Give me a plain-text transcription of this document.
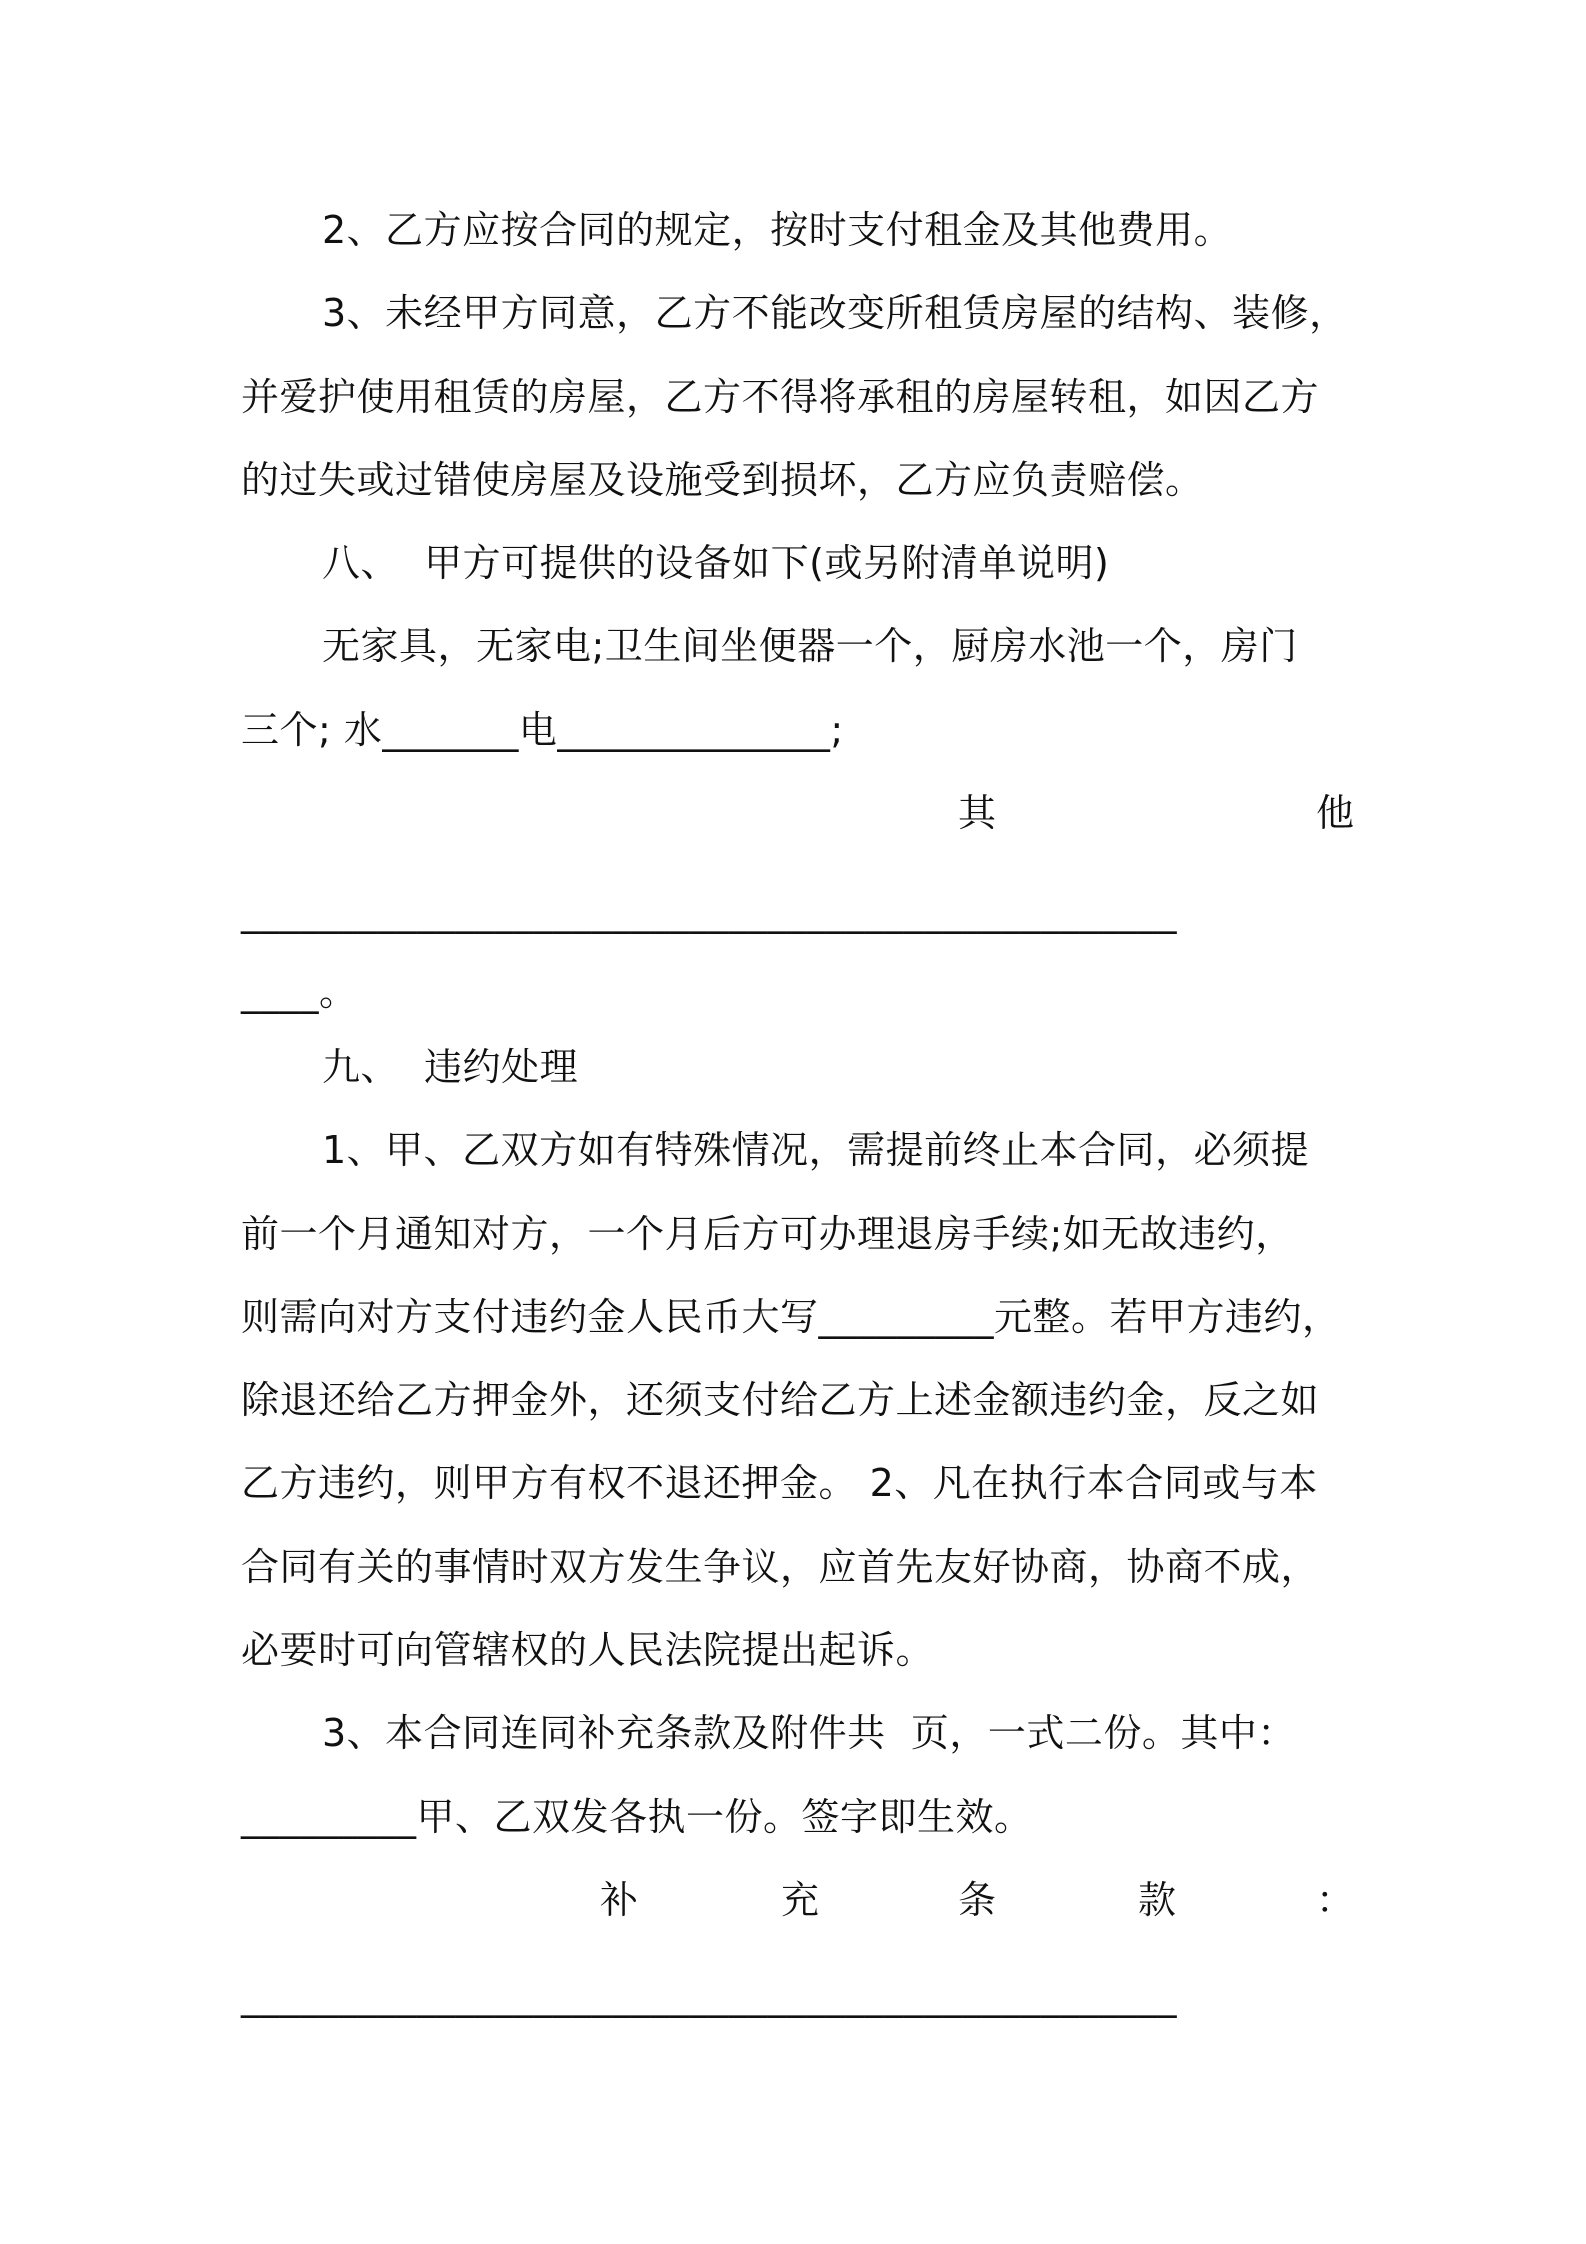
2、乙方应按合同的规定，按时支付租金及其他费用。
3、未经甲方同意，乙方不能改变所租赁房屋的结构、装修，
并爱护使用租赁的房屋，乙方不得将承租的房屋转租，如因乙方
的过失或过错使房屋及设施受到损坏，乙方应负责赔偿。
八、  甲方可提供的设备如下(或另附清单说明)
无家具，无家电;卫生间坐便器一个，厨房水池一个，房门
三个; 水_______电______________;
其	他
________________________________________________
____。
九、  违约处理
1、甲、乙双方如有特殊情况，需提前终止本合同，必须提
前一个月通知对方，一个月后方可办理退房手续;如无故违约，
则需向对方支付违约金人民币大写_________元整。若甲方违约，
除退还给乙方押金外，还须支付给乙方上述金额违约金，反之如
乙方违约，则甲方有权不退还押金。 2、凡在执行本合同或与本
合同有关的事情时双方发生争议，应首先友好协商，协商不成，
必要时可向管辖权的人民法院提出起诉。
3、本合同连同补充条款及附件共  页，一式二份。其中：
_________甲、乙双发各执一份。签字即生效。
补	充	条	款	：
________________________________________________
